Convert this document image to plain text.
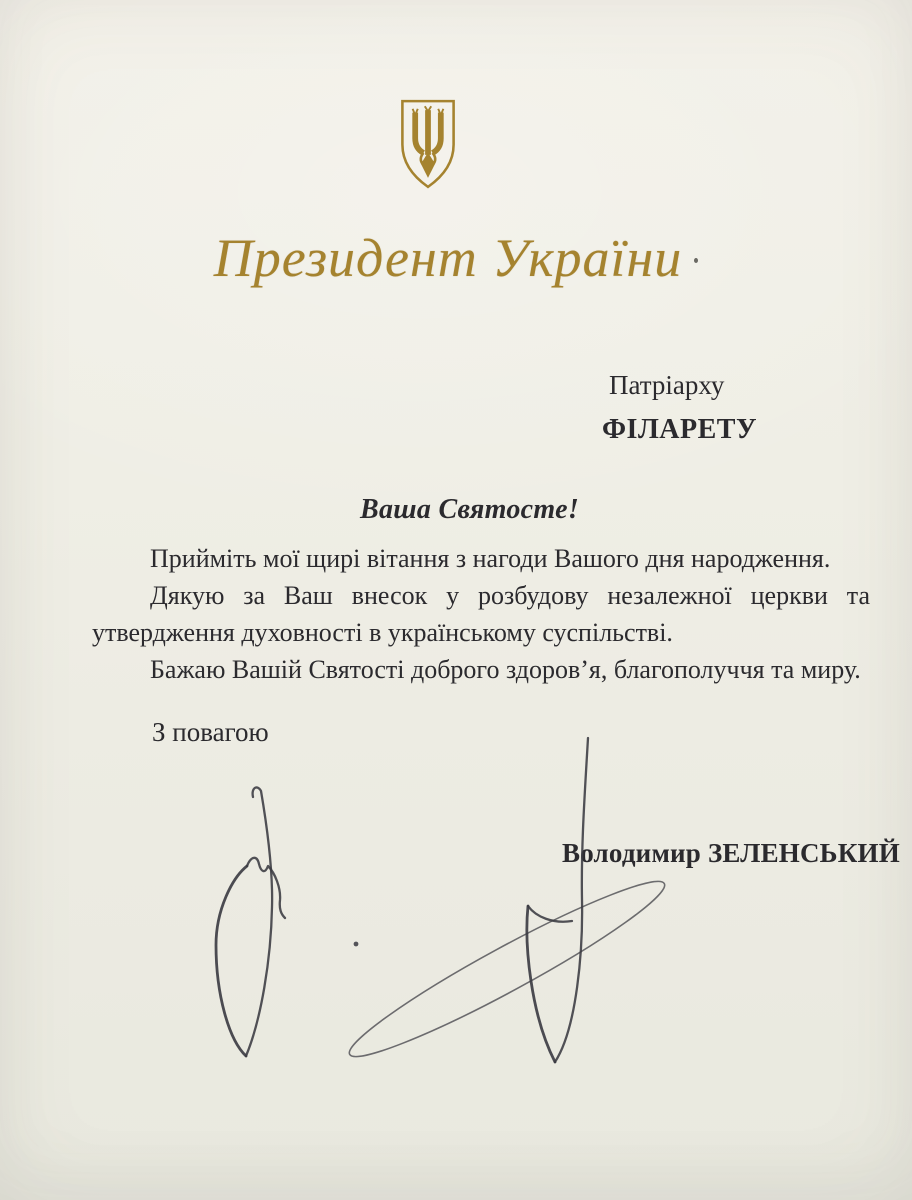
Президент України
Патріарху
ФІЛАРЕТУ
Ваша Святосте!

Прийміть мої щирі вітання з нагоди Вашого дня народження.

Дякую за Ваш внесок у розбудову незалежної церкви та утвердження духовності в українському суспільстві.

Бажаю Вашій Святості доброго здоров’я, благополуччя та миру.

З повагою
Володимир ЗЕЛЕНСЬКИЙ
